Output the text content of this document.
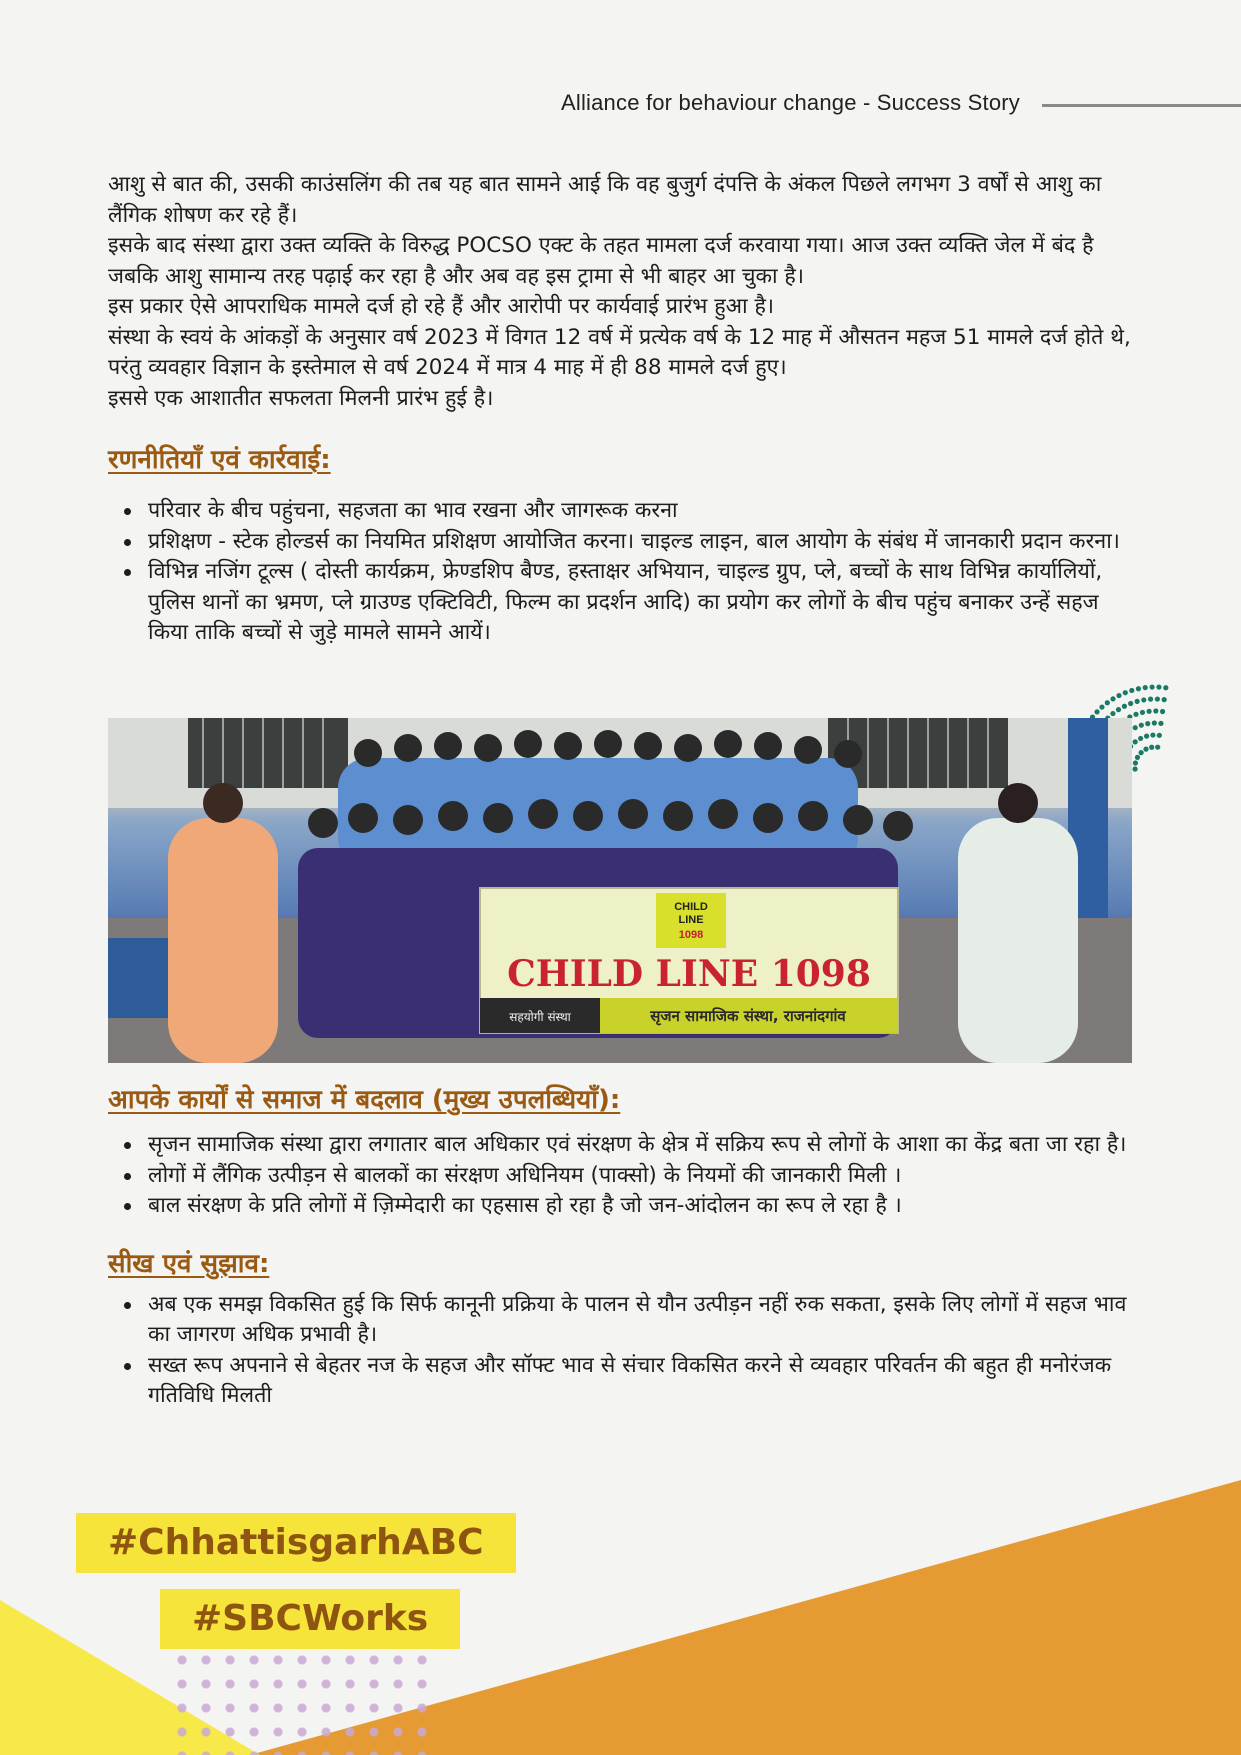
Alliance for behaviour change - Success Story

आशु से बात की, उसकी काउंसलिंग की तब यह बात सामने आई कि वह बुजुर्ग दंपत्ति के अंकल पिछले लगभग 3 वर्षों से आशु का लैंगिक शोषण कर रहे हैं।

इसके बाद संस्था द्वारा उक्त व्यक्ति के विरुद्ध POCSO एक्ट के तहत मामला दर्ज करवाया गया। आज उक्त व्यक्ति जेल में बंद है जबकि आशु सामान्य तरह पढ़ाई कर रहा है और अब वह इस ट्रामा से भी बाहर आ चुका है।

इस प्रकार ऐसे आपराधिक मामले दर्ज हो रहे हैं और आरोपी पर कार्यवाई प्रारंभ हुआ है।

संस्था के स्वयं के आंकड़ों के अनुसार वर्ष 2023 में विगत 12 वर्ष में प्रत्येक वर्ष के 12 माह में औसतन महज 51 मामले दर्ज होते थे, परंतु व्यवहार विज्ञान के इस्तेमाल से वर्ष 2024 में मात्र 4 माह में ही 88 मामले दर्ज हुए।

इससे एक आशातीत सफलता मिलनी प्रारंभ हुई है।

रणनीतियाँ एवं कार्रवाई:
परिवार के बीच पहुंचना, सहजता का भाव रखना और जागरूक करना
प्रशिक्षण - स्टेक होल्डर्स का नियमित प्रशिक्षण आयोजित करना। चाइल्ड लाइन, बाल आयोग के संबंध में जानकारी प्रदान करना।
विभिन्न नजिंग टूल्स ( दोस्ती कार्यक्रम, फ्रेण्डशिप बैण्ड, हस्ताक्षर अभियान, चाइल्ड ग्रुप, प्ले, बच्चों के साथ विभिन्न कार्यालियों, पुलिस थानों का भ्रमण, प्ले ग्राउण्ड एक्टिविटी, फिल्म का प्रदर्शन आदि) का प्रयोग कर लोगों के बीच पहुंच बनाकर उन्हें सहज किया ताकि बच्चों से जुड़े मामले सामने आयें।
CHILD
LINE
1098
CHILD LINE 1098
सहयोगी संस्था	सृजन सामाजिक संस्था, राजनांदगांव
आपके कार्यों से समाज में बदलाव (मुख्य उपलब्धियाँ):
सृजन सामाजिक संस्था द्वारा लगातार बाल अधिकार एवं संरक्षण के क्षेत्र में सक्रिय रूप से लोगों के आशा का केंद्र बता जा रहा है।
लोगों में लैंगिक उत्पीड़न से बालकों का संरक्षण अधिनियम (पाक्सो) के नियमों की जानकारी मिली ।
बाल संरक्षण के प्रति लोगों में ज़िम्मेदारी का एहसास हो रहा है जो जन-आंदोलन का रूप ले रहा है ।
सीख एवं सुझाव:
अब एक समझ विकसित हुई कि सिर्फ कानूनी प्रक्रिया के पालन से यौन उत्पीड़न नहीं रुक सकता, इसके लिए लोगों में सहज भाव का जागरण अधिक प्रभावी है।
सख्त रूप अपनाने से बेहतर नज के सहज और सॉफ्ट भाव से संचार विकसित करने से व्यवहार परिवर्तन की बहुत ही मनोरंजक गतिविधि मिलती
#ChhattisgarhABC
#SBCWorks
